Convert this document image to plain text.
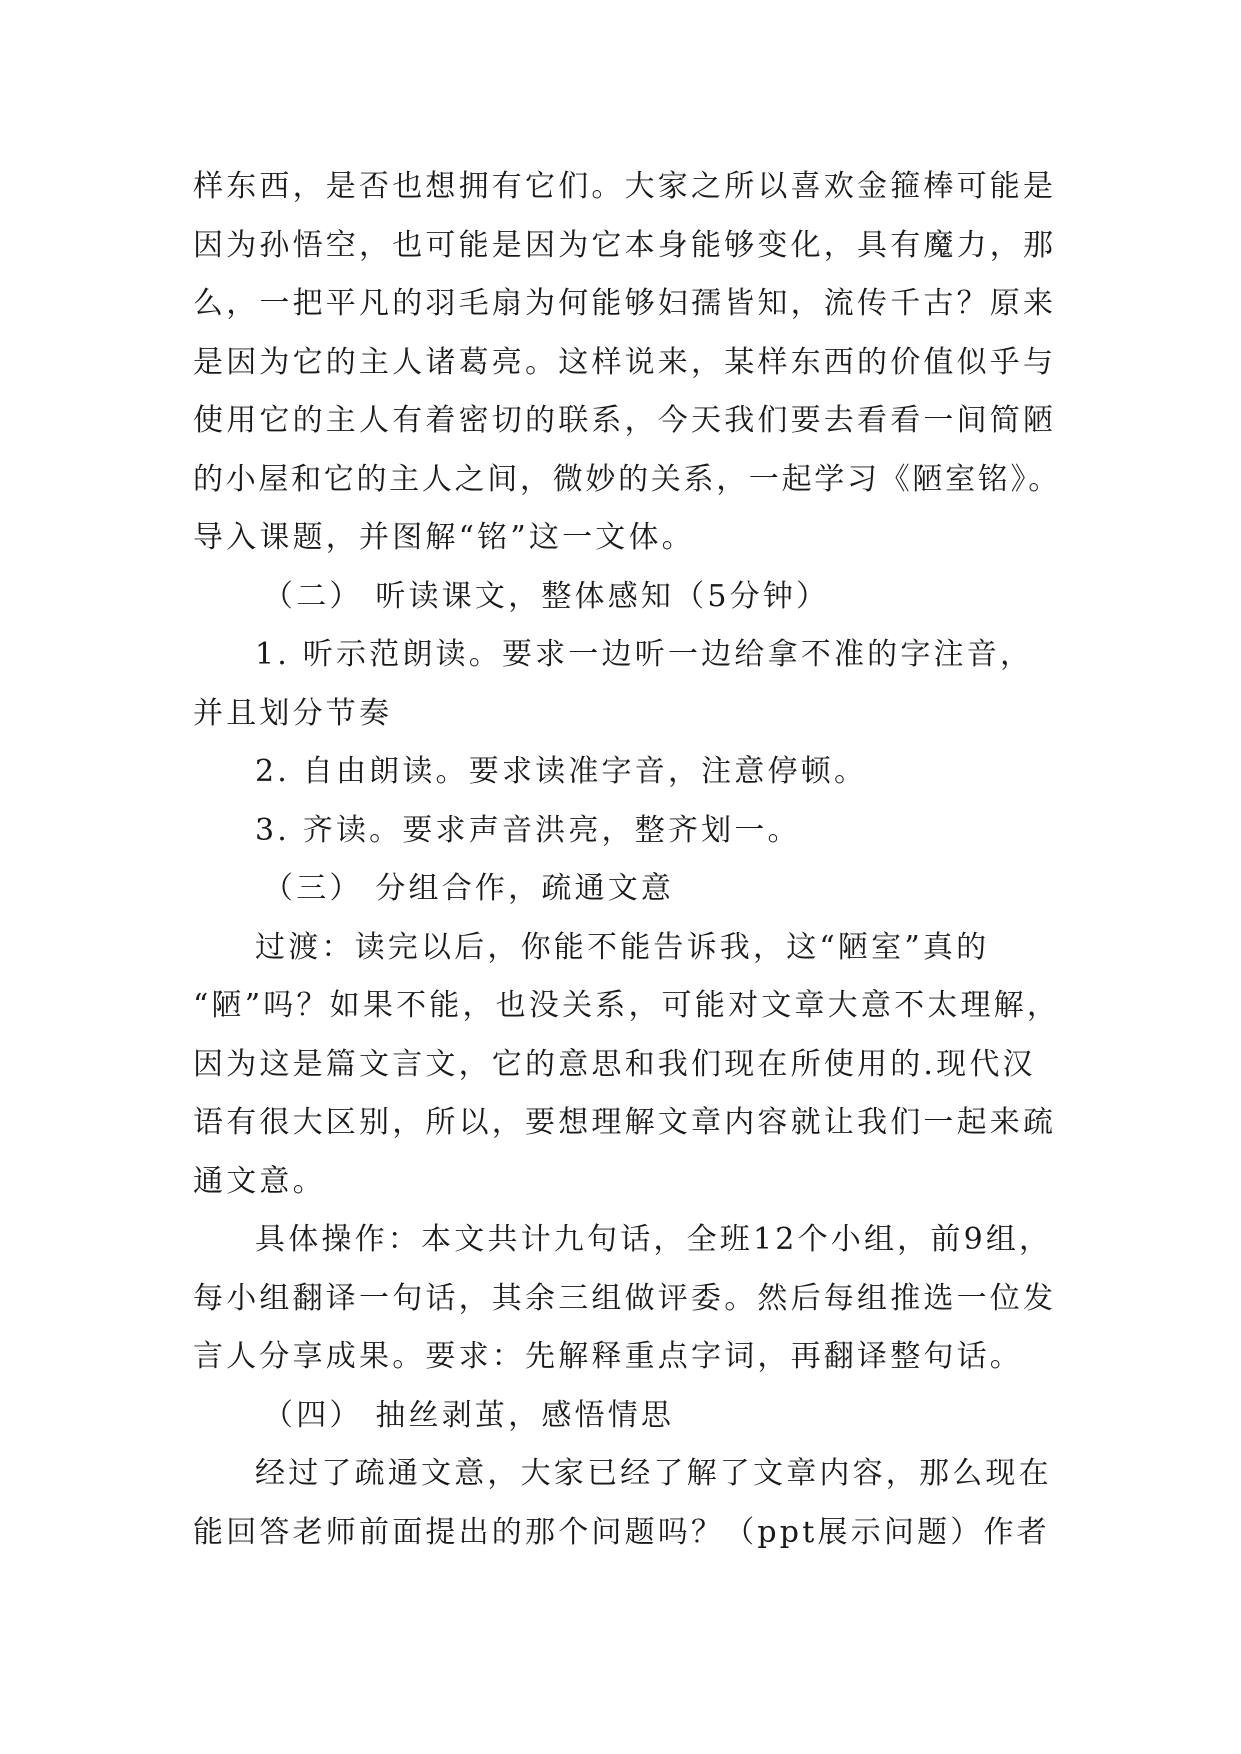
样东西，是否也想拥有它们。大家之所以喜欢金箍棒可能是
因为孙悟空，也可能是因为它本身能够变化，具有魔力，那
么，一把平凡的羽毛扇为何能够妇孺皆知，流传千古？原来
是因为它的主人诸葛亮。这样说来，某样东西的价值似乎与
使用它的主人有着密切的联系，今天我们要去看看一间简陋
的小屋和它的主人之间，微妙的关系，一起学习《陋室铭》。
导入课题，并图解“铭”这一文体。
（二） 听读课文，整体感知（5分钟）
1. 听示范朗读。要求一边听一边给拿不准的字注音，
并且划分节奏
2. 自由朗读。要求读准字音，注意停顿。
3. 齐读。要求声音洪亮，整齐划一。
（三） 分组合作，疏通文意
过渡：读完以后，你能不能告诉我，这“陋室”真的
“陋”吗？如果不能，也没关系，可能对文章大意不太理解，
因为这是篇文言文，它的意思和我们现在所使用的.现代汉
语有很大区别，所以，要想理解文章内容就让我们一起来疏
通文意。
具体操作：本文共计九句话，全班12个小组，前9组，
每小组翻译一句话，其余三组做评委。然后每组推选一位发
言人分享成果。要求：先解释重点字词，再翻译整句话。
（四） 抽丝剥茧，感悟情思
经过了疏通文意，大家已经了解了文章内容，那么现在
能回答老师前面提出的那个问题吗？（ppt展示问题）作者
